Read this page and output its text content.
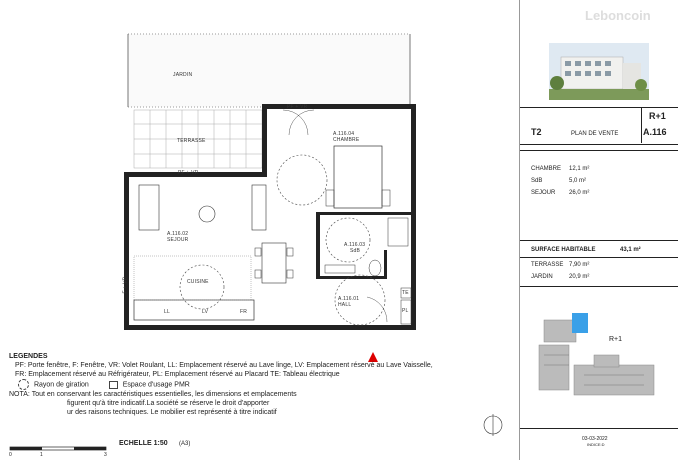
JARDIN
TERRASSE
PF + VR
PF + VR
A.116.04
CHAMBRE
A.116.02
SEJOUR
CUISINE
A.116.03
SdB
A.116.01
HALL
LL	LV	FR	PL
TE
F + VR
LEGENDES
PF: Porte fenêtre, F: Fenêtre, VR: Volet Roulant, LL: Emplacement réservé au Lave linge, LV: Emplacement réservé au Lave Vaisselle,
FR: Emplacement réservé au Réfrigérateur, PL: Emplacement réservé au Placard TE: Tableau électrique
Rayon de giration	Espace d'usage PMR
NOTA: Tout en conservant les caractéristiques essentielles, les dimensions et emplacements
figurent qu'à titre indicatif.La société se réserve le droit d'apporter
ur des raisons techniques. Le mobilier est représenté à titre indicatif
ECHELLE 1:50 (A3)
0	1	3
Leboncoin
R+1
T2	PLAN DE VENTE	A.116
CHAMBRE 12,1 m²
SdB	5,0 m²
SEJOUR 26,0 m²
SURFACE HABITABLE	43,1 m²
TERRASSE 7,90 m²
JARDIN	20,9 m²
R+1
03-03-2022
INDICE:D
